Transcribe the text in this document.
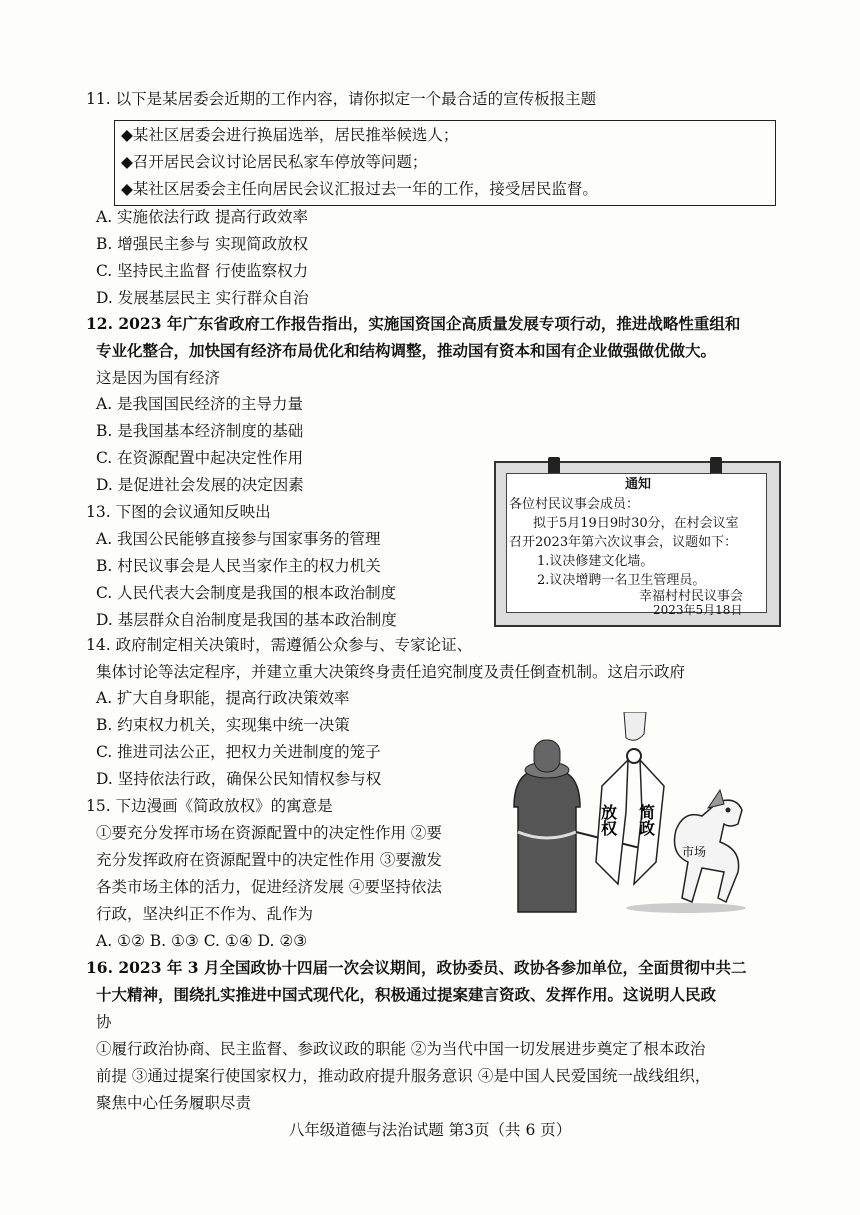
11. 以下是某居委会近期的工作内容，请你拟定一个最合适的宣传板报主题
◆某社区居委会进行换届选举，居民推举候选人；
◆召开居民会议讨论居民私家车停放等问题；
◆某社区居委会主任向居民会议汇报过去一年的工作，接受居民监督。
A. 实施依法行政 提高行政效率
B. 增强民主参与 实现简政放权
C. 坚持民主监督 行使监察权力
D. 发展基层民主 实行群众自治
12. 2023 年广东省政府工作报告指出，实施国资国企高质量发展专项行动，推进战略性重组和
专业化整合，加快国有经济布局优化和结构调整，推动国有资本和国有企业做强做优做大。
这是因为国有经济
A. 是我国国民经济的主导力量
B. 是我国基本经济制度的基础
C. 在资源配置中起决定性作用
D. 是促进社会发展的决定因素
13. 下图的会议通知反映出
A. 我国公民能够直接参与国家事务的管理
B. 村民议事会是人民当家作主的权力机关
C. 人民代表大会制度是我国的根本政治制度
D. 基层群众自治制度是我国的基本政治制度
通知
各位村民议事会成员：
拟于5月19日9时30分，在村会议室
召开2023年第六次议事会，议题如下：
1.议决修建文化墙。
2.议决增聘一名卫生管理员。
幸福村村民议事会
2023年5月18日
14. 政府制定相关决策时，需遵循公众参与、专家论证、
集体讨论等法定程序，并建立重大决策终身责任追究制度及责任倒查机制。这启示政府
A. 扩大自身职能，提高行政决策效率
B. 约束权力机关，实现集中统一决策
C. 推进司法公正，把权力关进制度的笼子
D. 坚持依法行政，确保公民知情权参与权
15. 下边漫画《简政放权》的寓意是
①要充分发挥市场在资源配置中的决定性作用 ②要
充分发挥政府在资源配置中的决定性作用 ③要激发
各类市场主体的活力，促进经济发展 ④要坚持依法
行政，坚决纠正不作为、乱作为
A. ①② B. ①③ C. ①④ D. ②③
放权 简政
市场
16. 2023 年 3 月全国政协十四届一次会议期间，政协委员、政协各参加单位，全面贯彻中共二
十大精神，围绕扎实推进中国式现代化，积极通过提案建言资政、发挥作用。这说明人民政
协
①履行政治协商、民主监督、参政议政的职能 ②为当代中国一切发展进步奠定了根本政治
前提 ③通过提案行使国家权力，推动政府提升服务意识 ④是中国人民爱国统一战线组织，
聚焦中心任务履职尽责
八年级道德与法治试题 第3页（共 6 页）
